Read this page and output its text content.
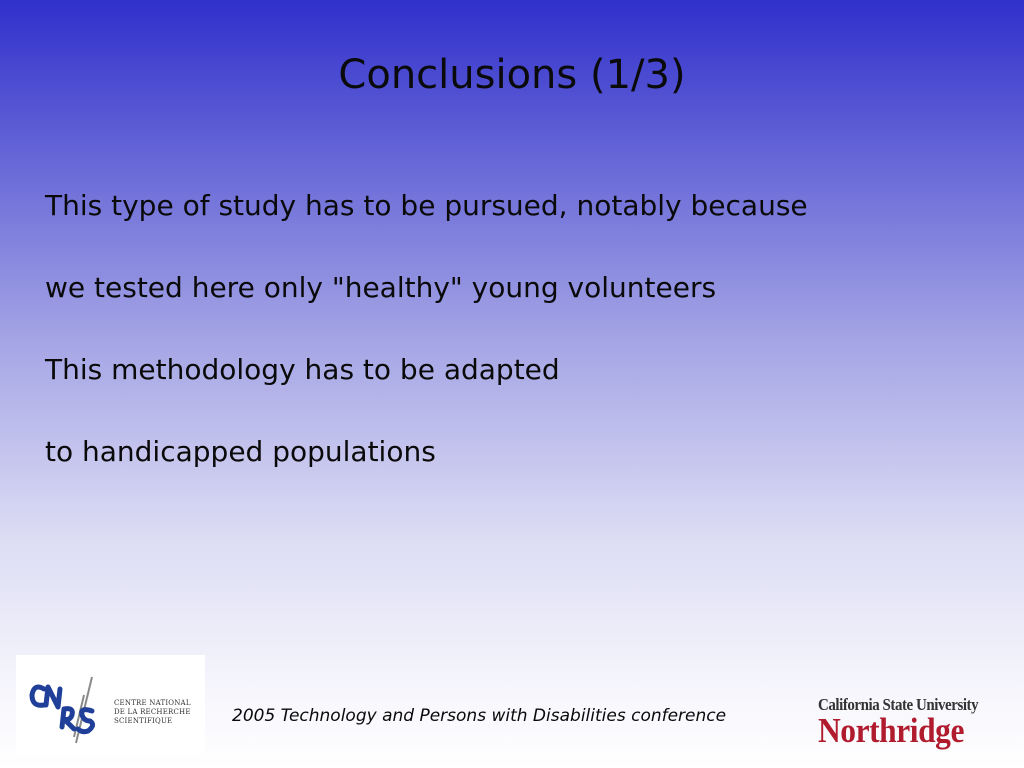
Conclusions (1/3)
This type of study has to be pursued, notably because
we tested here only "healthy" young volunteers
This methodology has to be adapted
to handicapped populations
CENTRE NATIONAL
DE LA RECHERCHE
SCIENTIFIQUE	2005 Technology and Persons with Disabilities conference
California State University
Northridge
